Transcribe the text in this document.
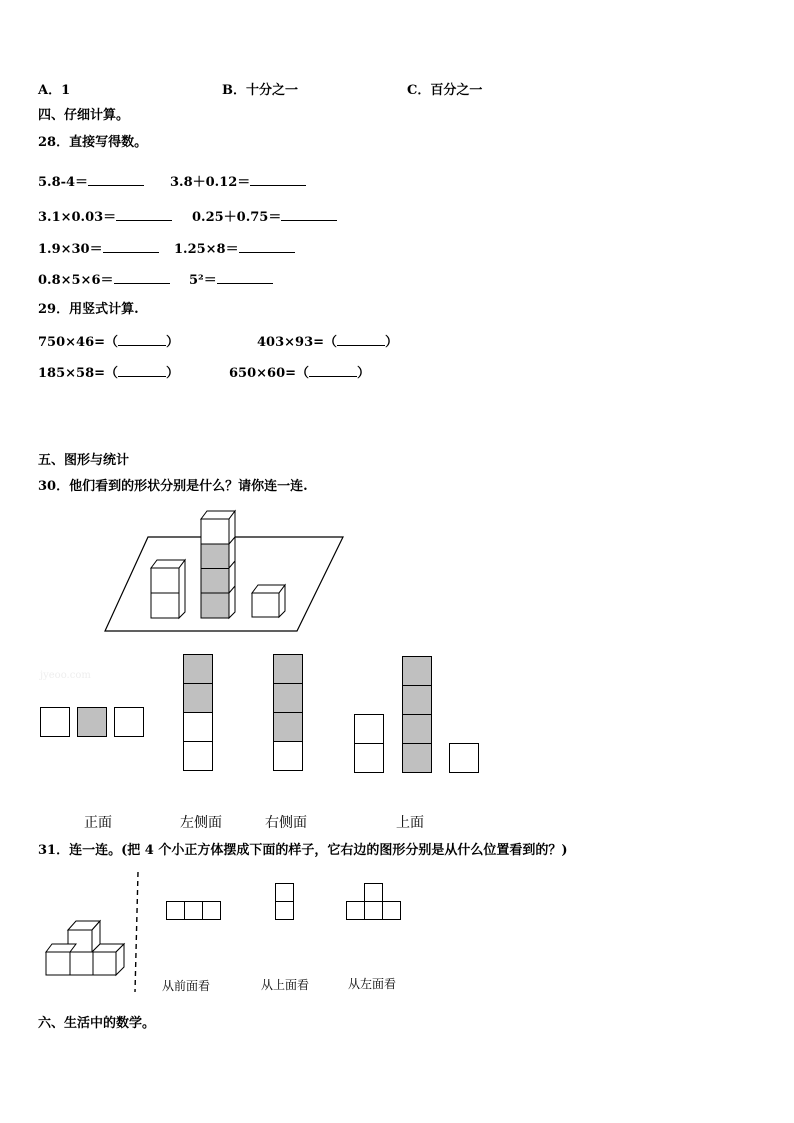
A．1	B．十分之一	C．百分之一
四、仔细计算。
28．直接写得数。
5.8-4＝	3.8＋0.12＝
3.1×0.03＝	0.25＋0.75＝
1.9×30＝	1.25×8＝
0.8×5×6＝	5²＝
29．用竖式计算.
750×46=（	）	403×93=（	）
185×58=（	）	650×60=（	）
五、图形与统计
30．他们看到的形状分别是什么？请你连一连.
jyeoo.com
正面	左侧面	右侧面	上面
31．连一连。(把 4 个小正方体摆成下面的样子，它右边的图形分别是从什么位置看到的？)
从前面看	从上面看	从左面看
六、生活中的数学。
